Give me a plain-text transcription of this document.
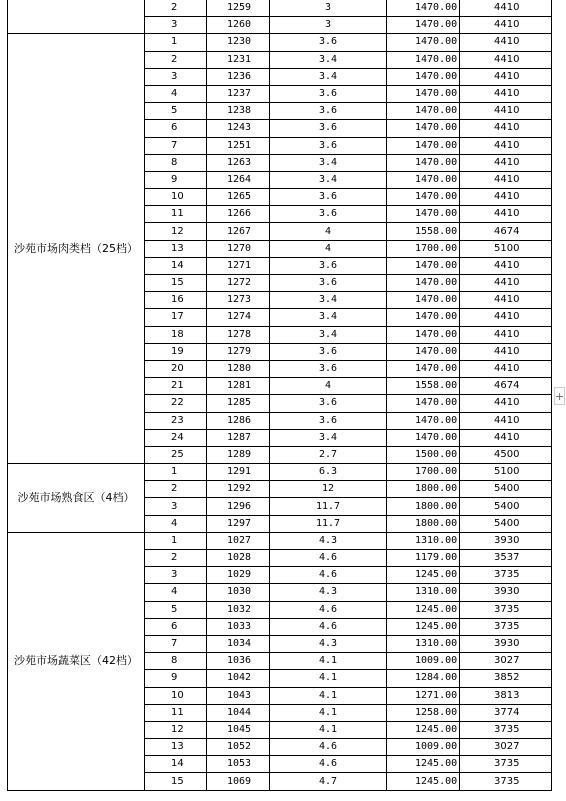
	2	1259	3	1470.00	4410
	3	1260	3	1470.00	4410
沙苑市场肉类档（25档）	1	1230	3.6	1470.00	4410
	2	1231	3.4	1470.00	4410
	3	1236	3.4	1470.00	4410
	4	1237	3.6	1470.00	4410
	5	1238	3.6	1470.00	4410
	6	1243	3.6	1470.00	4410
	7	1251	3.6	1470.00	4410
	8	1263	3.4	1470.00	4410
	9	1264	3.4	1470.00	4410
	10	1265	3.6	1470.00	4410
	11	1266	3.6	1470.00	4410
	12	1267	4	1558.00	4674
	13	1270	4	1700.00	5100
	14	1271	3.6	1470.00	4410
	15	1272	3.6	1470.00	4410
	16	1273	3.4	1470.00	4410
	17	1274	3.4	1470.00	4410
	18	1278	3.4	1470.00	4410
	19	1279	3.6	1470.00	4410
	20	1280	3.6	1470.00	4410
	21	1281	4	1558.00	4674
	22	1285	3.6	1470.00	4410
	23	1286	3.6	1470.00	4410
	24	1287	3.4	1470.00	4410
	25	1289	2.7	1500.00	4500
沙苑市场熟食区（4档）	1	1291	6.3	1700.00	5100
	2	1292	12	1800.00	5400
	3	1296	11.7	1800.00	5400
	4	1297	11.7	1800.00	5400
沙苑市场蔬菜区（42档）	1	1027	4.3	1310.00	3930
	2	1028	4.6	1179.00	3537
	3	1029	4.6	1245.00	3735
	4	1030	4.3	1310.00	3930
	5	1032	4.6	1245.00	3735
	6	1033	4.6	1245.00	3735
	7	1034	4.3	1310.00	3930
	8	1036	4.1	1009.00	3027
	9	1042	4.1	1284.00	3852
	10	1043	4.1	1271.00	3813
	11	1044	4.1	1258.00	3774
	12	1045	4.1	1245.00	3735
	13	1052	4.6	1009.00	3027
	14	1053	4.6	1245.00	3735
	15	1069	4.7	1245.00	3735
+
